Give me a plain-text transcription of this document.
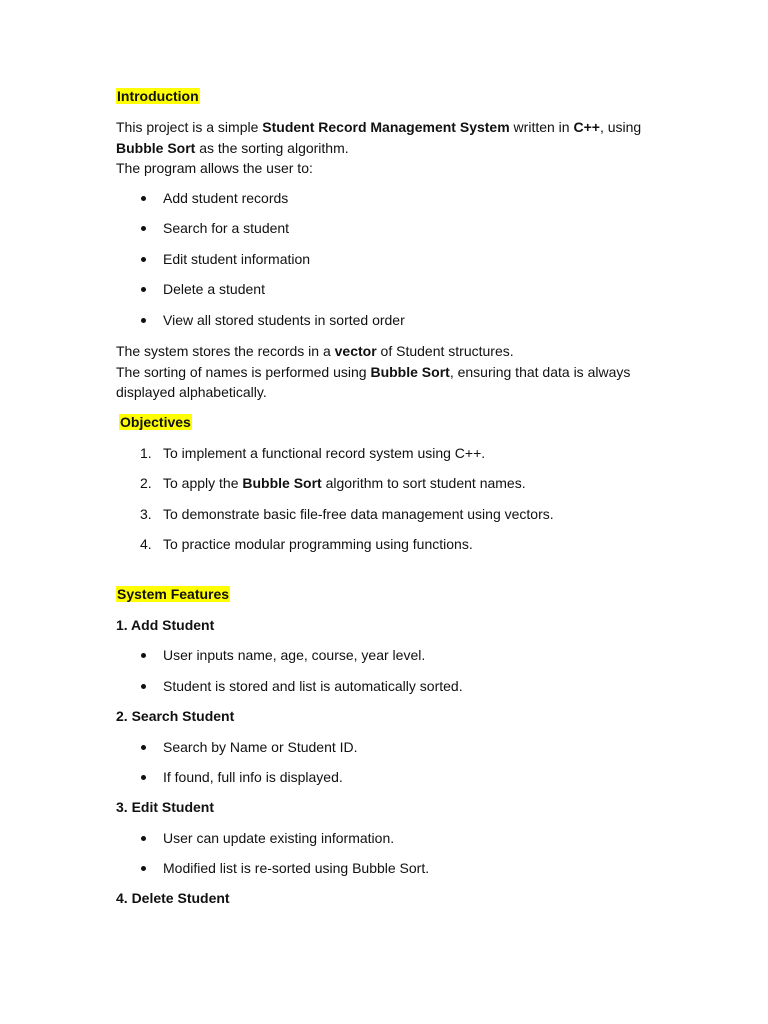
Introduction
This project is a simple Student Record Management System written in C++, using
Bubble Sort as the sorting algorithm.
The program allows the user to:
Add student records
Search for a student
Edit student information
Delete a student
View all stored students in sorted order
The system stores the records in a vector of Student structures.
The sorting of names is performed using Bubble Sort, ensuring that data is always
displayed alphabetically.
Objectives
1. To implement a functional record system using C++.
2. To apply the Bubble Sort algorithm to sort student names.
3. To demonstrate basic file-free data management using vectors.
4. To practice modular programming using functions.
System Features
1. Add Student
User inputs name, age, course, year level.
Student is stored and list is automatically sorted.
2. Search Student
Search by Name or Student ID.
If found, full info is displayed.
3. Edit Student
User can update existing information.
Modified list is re-sorted using Bubble Sort.
4. Delete Student
